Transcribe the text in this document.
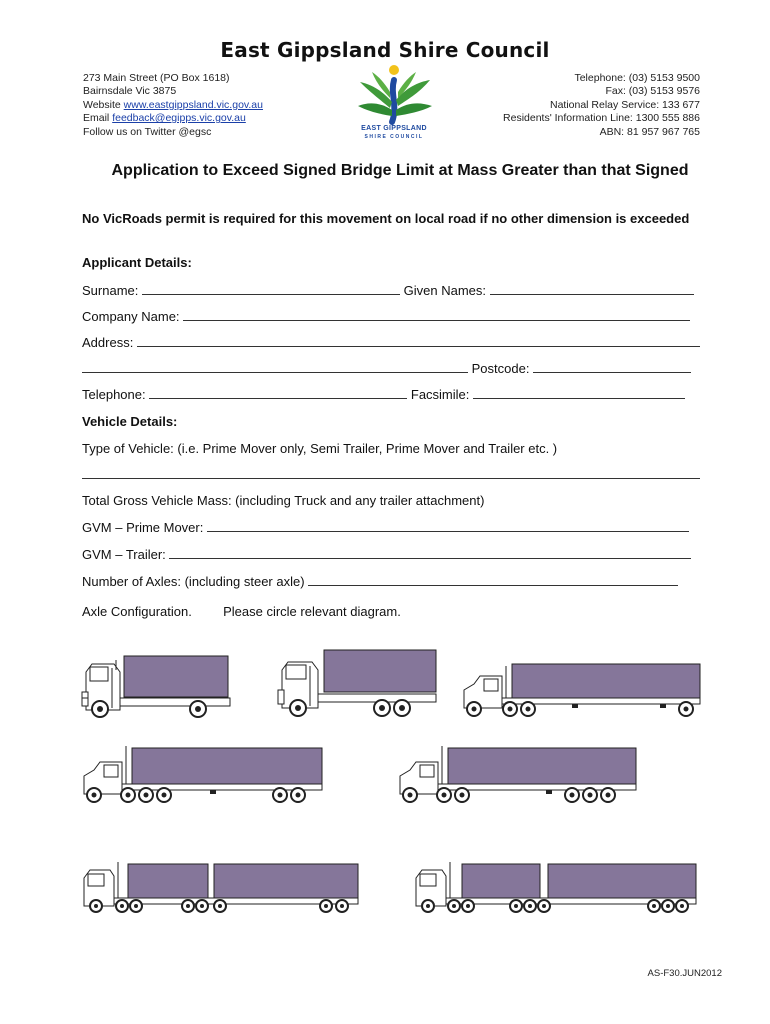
East Gippsland Shire Council
273 Main Street (PO Box 1618)
Bairnsdale Vic 3875
Website www.eastgippsland.vic.gov.au
Email feedback@egipps.vic.gov.au
Follow us on Twitter @egsc	EAST GIPPSLAND
SHIRE COUNCIL
Telephone: (03) 5153 9500
Fax: (03) 5153 9576
National Relay Service: 133 677
Residents' Information Line: 1300 555 886
ABN: 81 957 967 765
Application to Exceed Signed Bridge Limit at Mass Greater than that Signed
No VicRoads permit is required for this movement on local road if no other dimension is exceeded
Applicant Details:
Surname:	Given Names:
Company Name:
Address:
Postcode:
Telephone:	Facsimile:
Vehicle Details:
Type of Vehicle: (i.e. Prime Mover only, Semi Trailer, Prime Mover and Trailer etc. )
Total Gross Vehicle Mass: (including Truck and any trailer attachment)
GVM – Prime Mover:
GVM – Trailer:
Number of Axles: (including steer axle)
Axle Configuration. Please circle relevant diagram.
AS-F30.JUN2012
